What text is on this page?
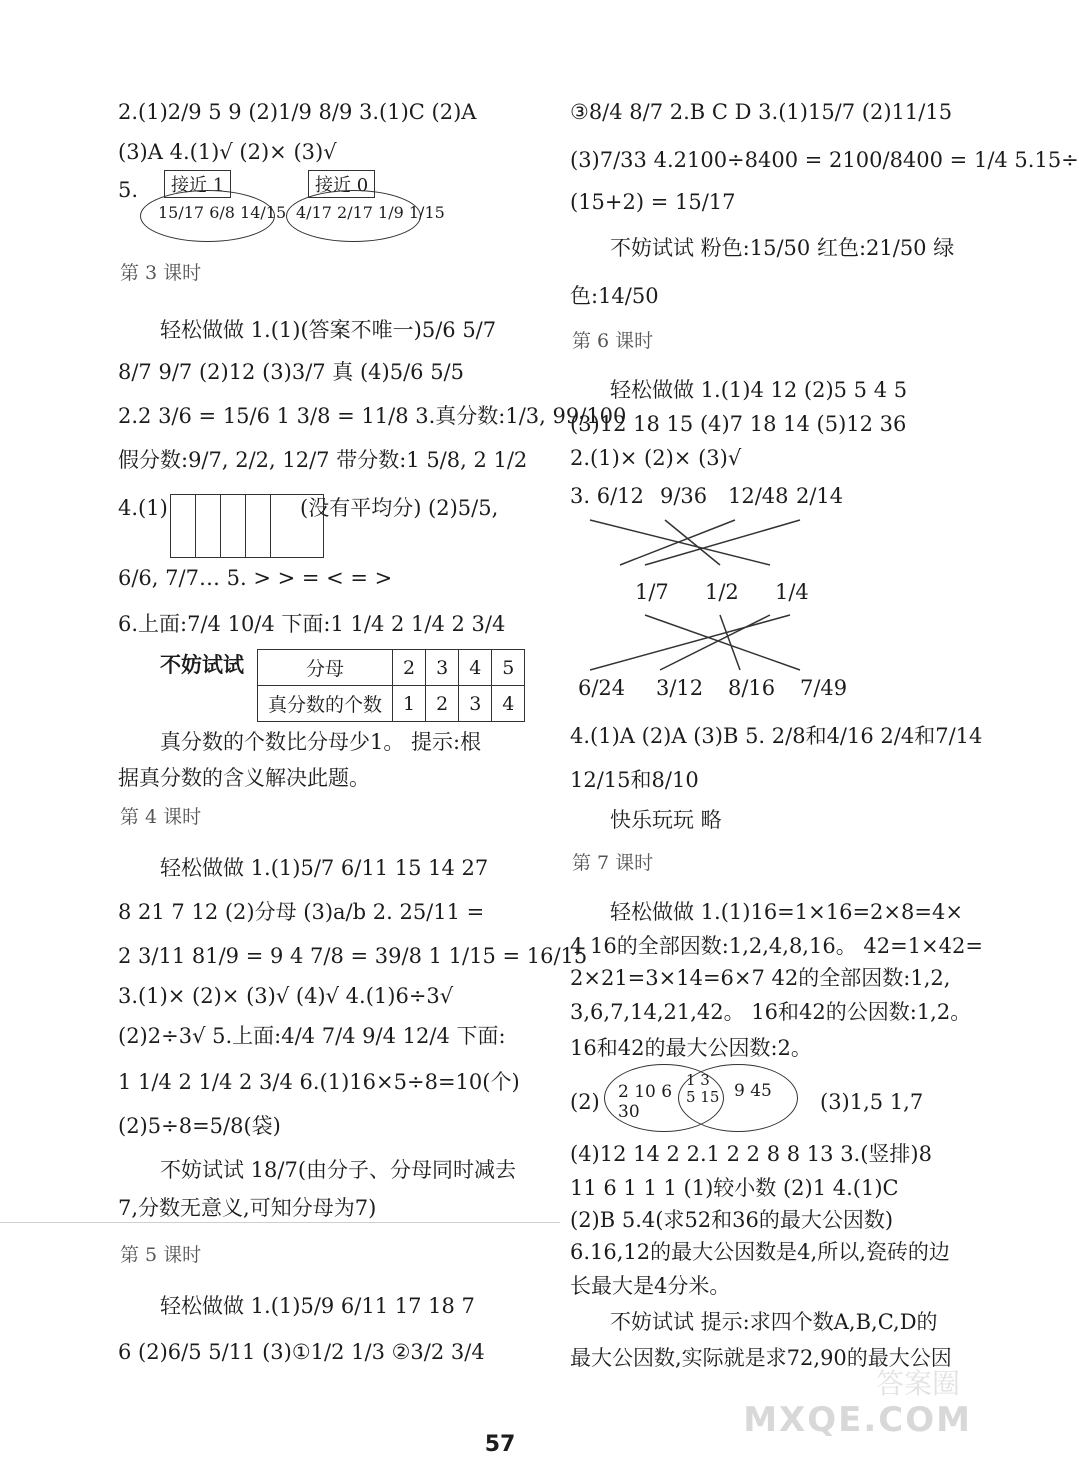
2.(1)2/9 5 9 (2)1/9 8/9 3.(1)C (2)A
(3)A 4.(1)√ (2)× (3)√
5.	接近 1
15/17 6/8 14/15
接近 0
4/17 2/17 1/9 1/15
第 3 课时
轻松做做 1.(1)(答案不唯一)5/6 5/7
8/7 9/7 (2)12 (3)3/7 真 (4)5/6 5/5
2.2 3/6 = 15/6 1 3/8 = 11/8 3.真分数:1/3, 99/100
假分数:9/7, 2/2, 12/7 带分数:1 5/8, 2 1/2
4.(1)	(没有平均分) (2)5/5,
6/6, 7/7… 5. > > = < = >
6.上面:7/4 10/4 下面:1 1/4 2 1/4 2 3/4
不妨试试	分母	2	3	4	5
真分数的个数	1	2	3	4
真分数的个数比分母少1。 提示:根
据真分数的含义解决此题。
第 4 课时
轻松做做 1.(1)5/7 6/11 15 14 27
8 21 7 12 (2)分母 (3)a/b 2. 25/11 =
2 3/11 81/9 = 9 4 7/8 = 39/8 1 1/15 = 16/15
3.(1)× (2)× (3)√ (4)√ 4.(1)6÷3√
(2)2÷3√ 5.上面:4/4 7/4 9/4 12/4 下面:
1 1/4 2 1/4 2 3/4 6.(1)16×5÷8=10(个)
(2)5÷8=5/8(袋)
不妨试试 18/7(由分子、分母同时减去
7,分数无意义,可知分母为7)
第 5 课时
轻松做做 1.(1)5/9 6/11 17 18 7
6 (2)6/5 5/11 (3)①1/2 1/3 ②3/2 3/4
③8/4 8/7 2.B C D 3.(1)15/7 (2)11/15
(3)7/33 4.2100÷8400 = 2100/8400 = 1/4 5.15÷
(15+2) = 15/17
不妨试试 粉色:15/50 红色:21/50 绿
色:14/50
第 6 课时
轻松做做 1.(1)4 12 (2)5 5 4 5
(3)12 18 15 (4)7 18 14 (5)12 36
2.(1)× (2)× (3)√
3. 6/12 9/36 12/48 2/14
1/7 1/2 1/4
6/24 3/12 8/16 7/49
4.(1)A (2)A (3)B 5. 2/8和4/16 2/4和7/14
12/15和8/10
快乐玩玩 略
第 7 课时
轻松做做 1.(1)16=1×16=2×8=4×
4 16的全部因数:1,2,4,8,16。 42=1×42=
2×21=3×14=6×7 42的全部因数:1,2,
3,6,7,14,21,42。 16和42的公因数:1,2。
16和42的最大公因数:2。
(2) 2 10 6 30
1 3 5 15 9 45	(3)1,5 1,7
(4)12 14 2 2.1 2 2 8 8 13 3.(竖排)8
11 6 1 1 1 (1)较小数 (2)1 4.(1)C
(2)B 5.4(求52和36的最大公因数)
6.16,12的最大公因数是4,所以,瓷砖的边
长最大是4分米。
不妨试试 提示:求四个数A,B,C,D的
最大公因数,实际就是求72,90的最大公因
57
答案圈
MXQE.COM
